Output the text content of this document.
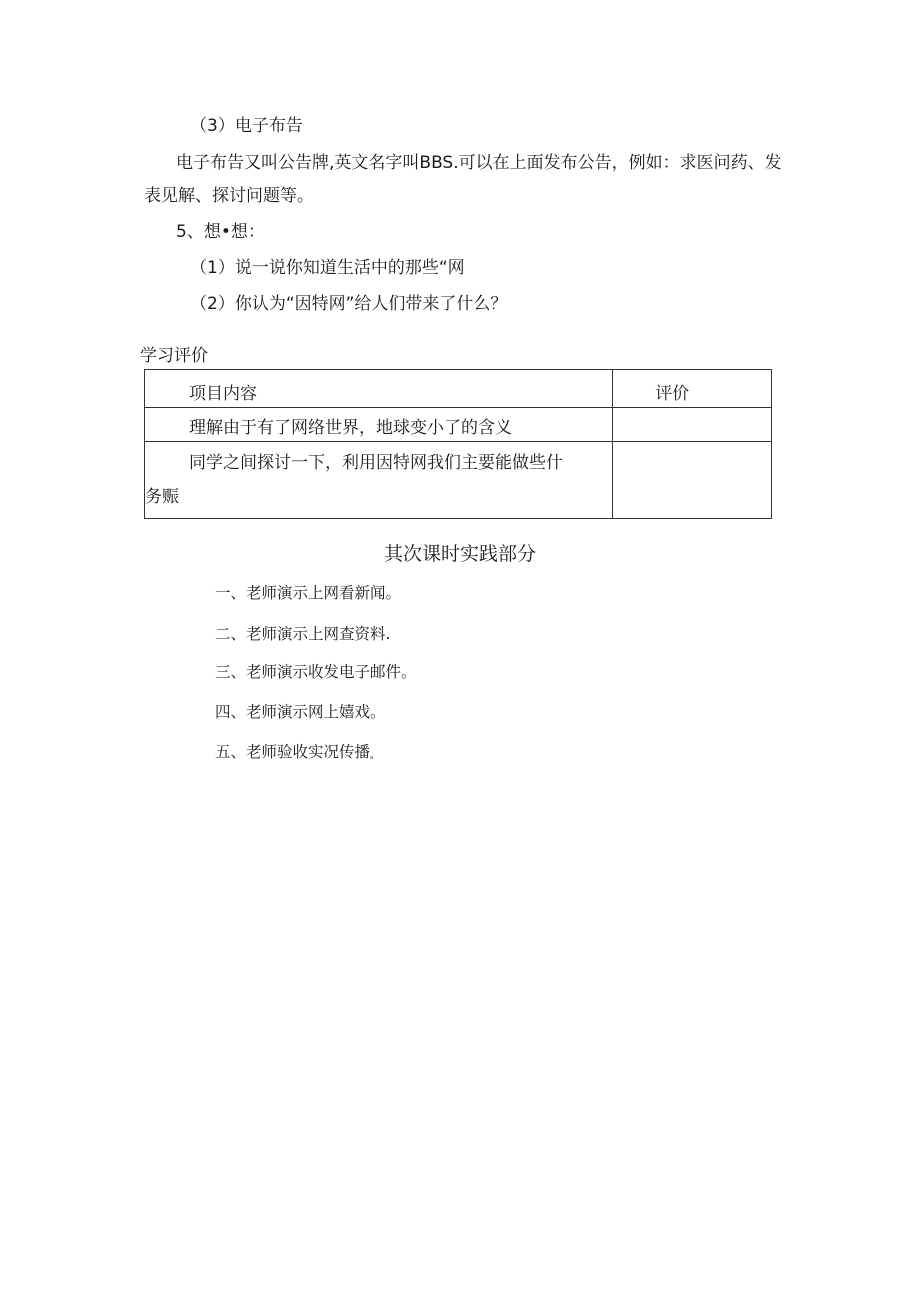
（3）电子布告
电子布告又叫公告牌,英文名字叫BBS.可以在上面发布公告，例如：求医问药、发
表见解、探讨问题等。
5、想•想：
（1）说一说你知道生活中的那些“网
（2）你认为“因特网”给人们带来了什么？
学习评价
项目内容	评价

理解由于有了网络世界，地球变小了的含义	

同学之间探讨一下，利用因特网我们主要能做些什
务赈	

其次课时实践部分
一、老师演示上网看新闻。
二、老师演示上网查资料.
三、老师演示收发电子邮件。
四、老师演示网上嬉戏。
五、老师验收实况传播ₙ
